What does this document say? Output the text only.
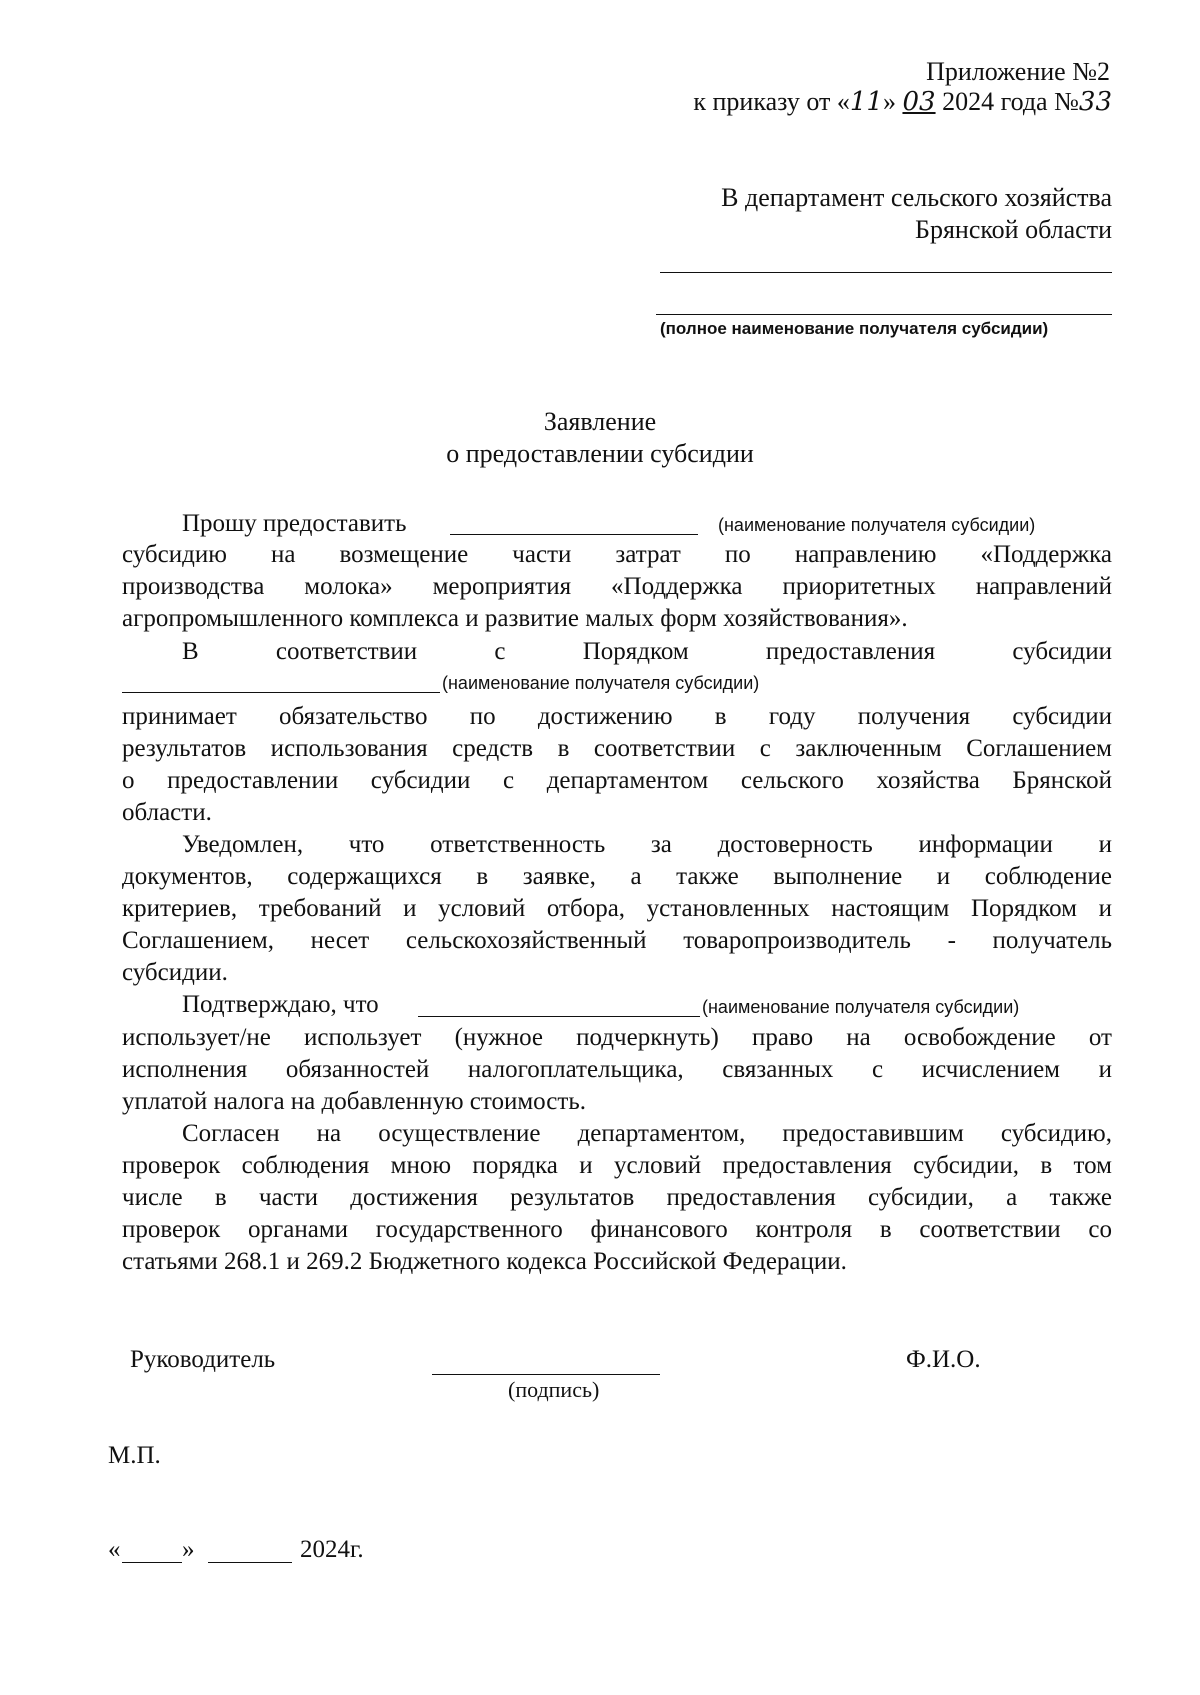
Приложение №2
к приказу от «11» 03 2024 года №33
В департамент сельского хозяйства
Брянской области
(полное наименование получателя субсидии)
Заявление
о предоставлении субсидии
Прошу предоставить	(наименование получателя субсидии)
субсидию на возмещение части затрат по направлению «Поддержка
производства молока» мероприятия «Поддержка приоритетных направлений
агропромышленного комплекса и развитие малых форм хозяйствования».
В соответствии с Порядком предоставления субсидии
(наименование получателя субсидии)
принимает обязательство по достижению в году получения субсидии
результатов использования средств в соответствии с заключенным Соглашением
о предоставлении субсидии с департаментом сельского хозяйства Брянской
области.
Уведомлен, что ответственность за достоверность информации и
документов, содержащихся в заявке, а также выполнение и соблюдение
критериев, требований и условий отбора, установленных настоящим Порядком и
Соглашением, несет сельскохозяйственный товаропроизводитель - получатель
субсидии.
Подтверждаю, что	(наименование получателя субсидии)
использует/не использует (нужное подчеркнуть) право на освобождение от
исполнения обязанностей налогоплательщика, связанных с исчислением и
уплатой налога на добавленную стоимость.
Согласен на осуществление департаментом, предоставившим субсидию,
проверок соблюдения мною порядка и условий предоставления субсидии, в том
числе в части достижения результатов предоставления субсидии, а также
проверок органами государственного финансового контроля в соответствии со
статьями 268.1 и 269.2 Бюджетного кодекса Российской Федерации.
Руководитель
(подпись)
Ф.И.О.
М.П.
« »	2024г.
